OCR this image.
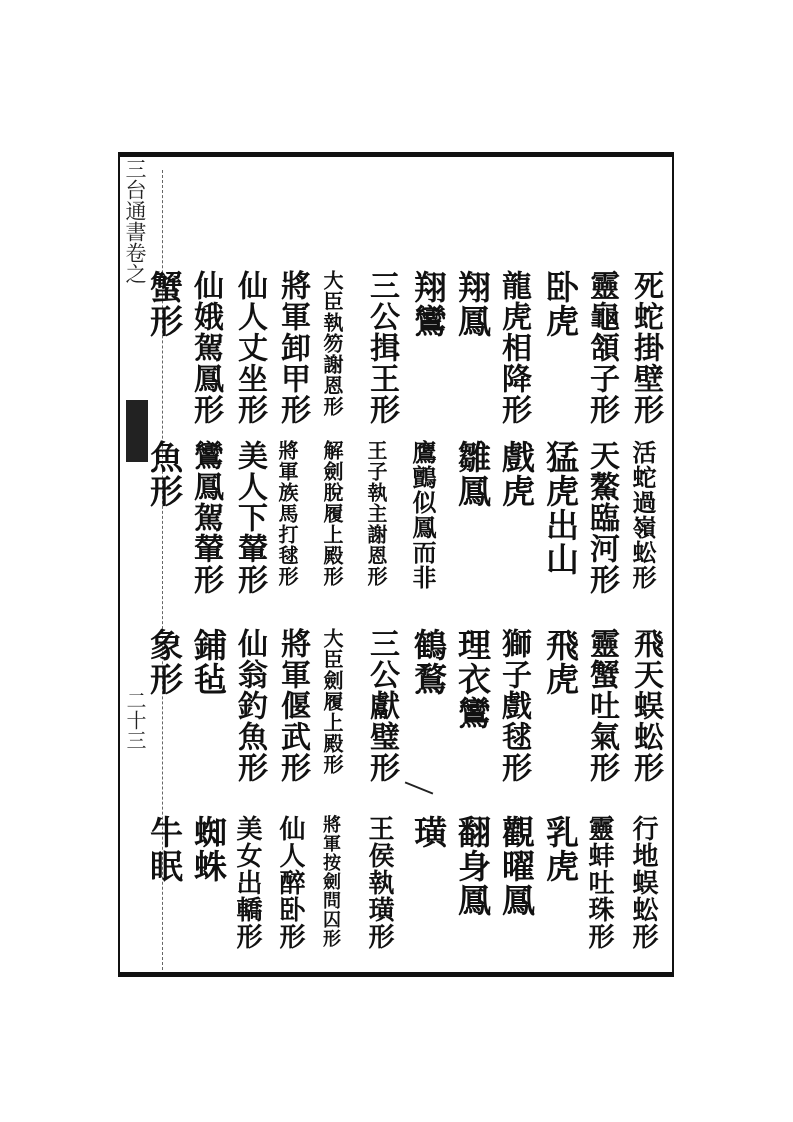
三台通書卷之
二十三
死蛇掛壁形
活蛇過嶺蚣形
飛天蜈蚣形
行地蜈蚣形
靈龜頷子形
天鰲臨河形
靈蟹吐氣形
靈蚌吐珠形
卧虎
猛虎出山
飛虎
乳虎
龍虎相降形
戲虎
獅子戲毬形
觀曜鳳
翔鳳
雛鳳
理衣鸞
翻身鳳
翔鸞
鷹鸇似鳳而非
鶴鶩
璜
三公揖王形
王子執主謝恩形
三公獻璧形
王侯執璜形
大臣執笏謝恩形
解劍脫履上殿形
大臣劍履上殿形
將軍按劍問囚形
將軍卸甲形
將軍族馬打毬形
將軍偃武形
仙人醉卧形
仙人丈坐形
美人下輦形
仙翁釣魚形
美女出轎形
仙娥駕鳳形
鸞鳳駕輦形
鋪毡
蜘蛛
蟹形
魚形
象形
牛眠
